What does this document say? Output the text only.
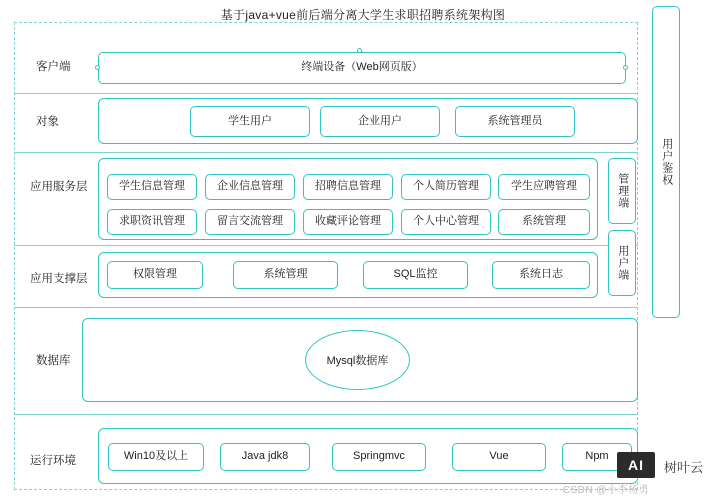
基于java+vue前后端分离大学生求职招聘系统架构图
客户端
对象
应用服务层
应用支撑层
数据库
运行环境
终端设备（Web网页版）
学生用户	企业用户	系统管理员
学生信息管理	企业信息管理	招聘信息管理	个人简历管理	学生应聘管理
求职资讯管理	留言交流管理	收藏评论管理	个人中心管理	系统管理
管理端
用户端
用户鉴权
权限管理	系统管理	SQL监控	系统日志
Mysql数据库
Win10及以上	Java jdk8	Springmvc	Vue	Npm
AI	树叶云
CSDN @小李杨勇
